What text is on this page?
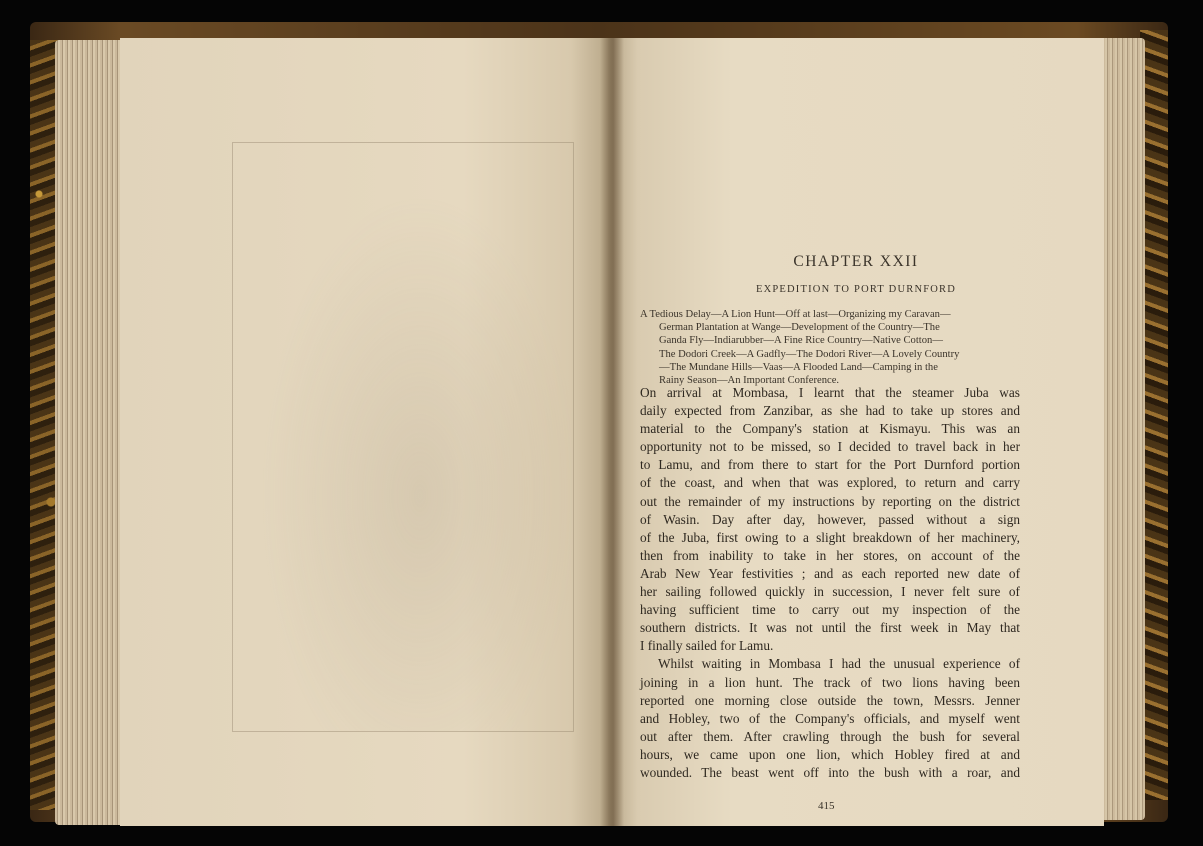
CHAPTER XXII
EXPEDITION TO PORT DURNFORD

A Tedious Delay—A Lion Hunt—Off at last—Organizing my Caravan—
German Plantation at Wange—Development of the Country—The
Ganda Fly—Indiarubber—A Fine Rice Country—Native Cotton—
The Dodori Creek—A Gadfly—The Dodori River—A Lovely Country
—The Mundane Hills—Vaas—A Flooded Land—Camping in the
Rainy Season—An Important Conference.

On arrival at Mombasa, I learnt that the steamer Juba was
daily expected from Zanzibar, as she had to take up stores and
material to the Company's station at Kismayu. This was an
opportunity not to be missed, so I decided to travel back in her
to Lamu, and from there to start for the Port Durnford portion
of the coast, and when that was explored, to return and carry
out the remainder of my instructions by reporting on the district
of Wasin. Day after day, however, passed without a sign
of the Juba, first owing to a slight breakdown of her machinery,
then from inability to take in her stores, on account of the
Arab New Year festivities ; and as each reported new date of
her sailing followed quickly in succession, I never felt sure of
having sufficient time to carry out my inspection of the
southern districts. It was not until the first week in May that
I finally sailed for Lamu.
Whilst waiting in Mombasa I had the unusual experience of
joining in a lion hunt. The track of two lions having been
reported one morning close outside the town, Messrs. Jenner
and Hobley, two of the Company's officials, and myself went
out after them. After crawling through the bush for several
hours, we came upon one lion, which Hobley fired at and
wounded. The beast went off into the bush with a roar, and
415
